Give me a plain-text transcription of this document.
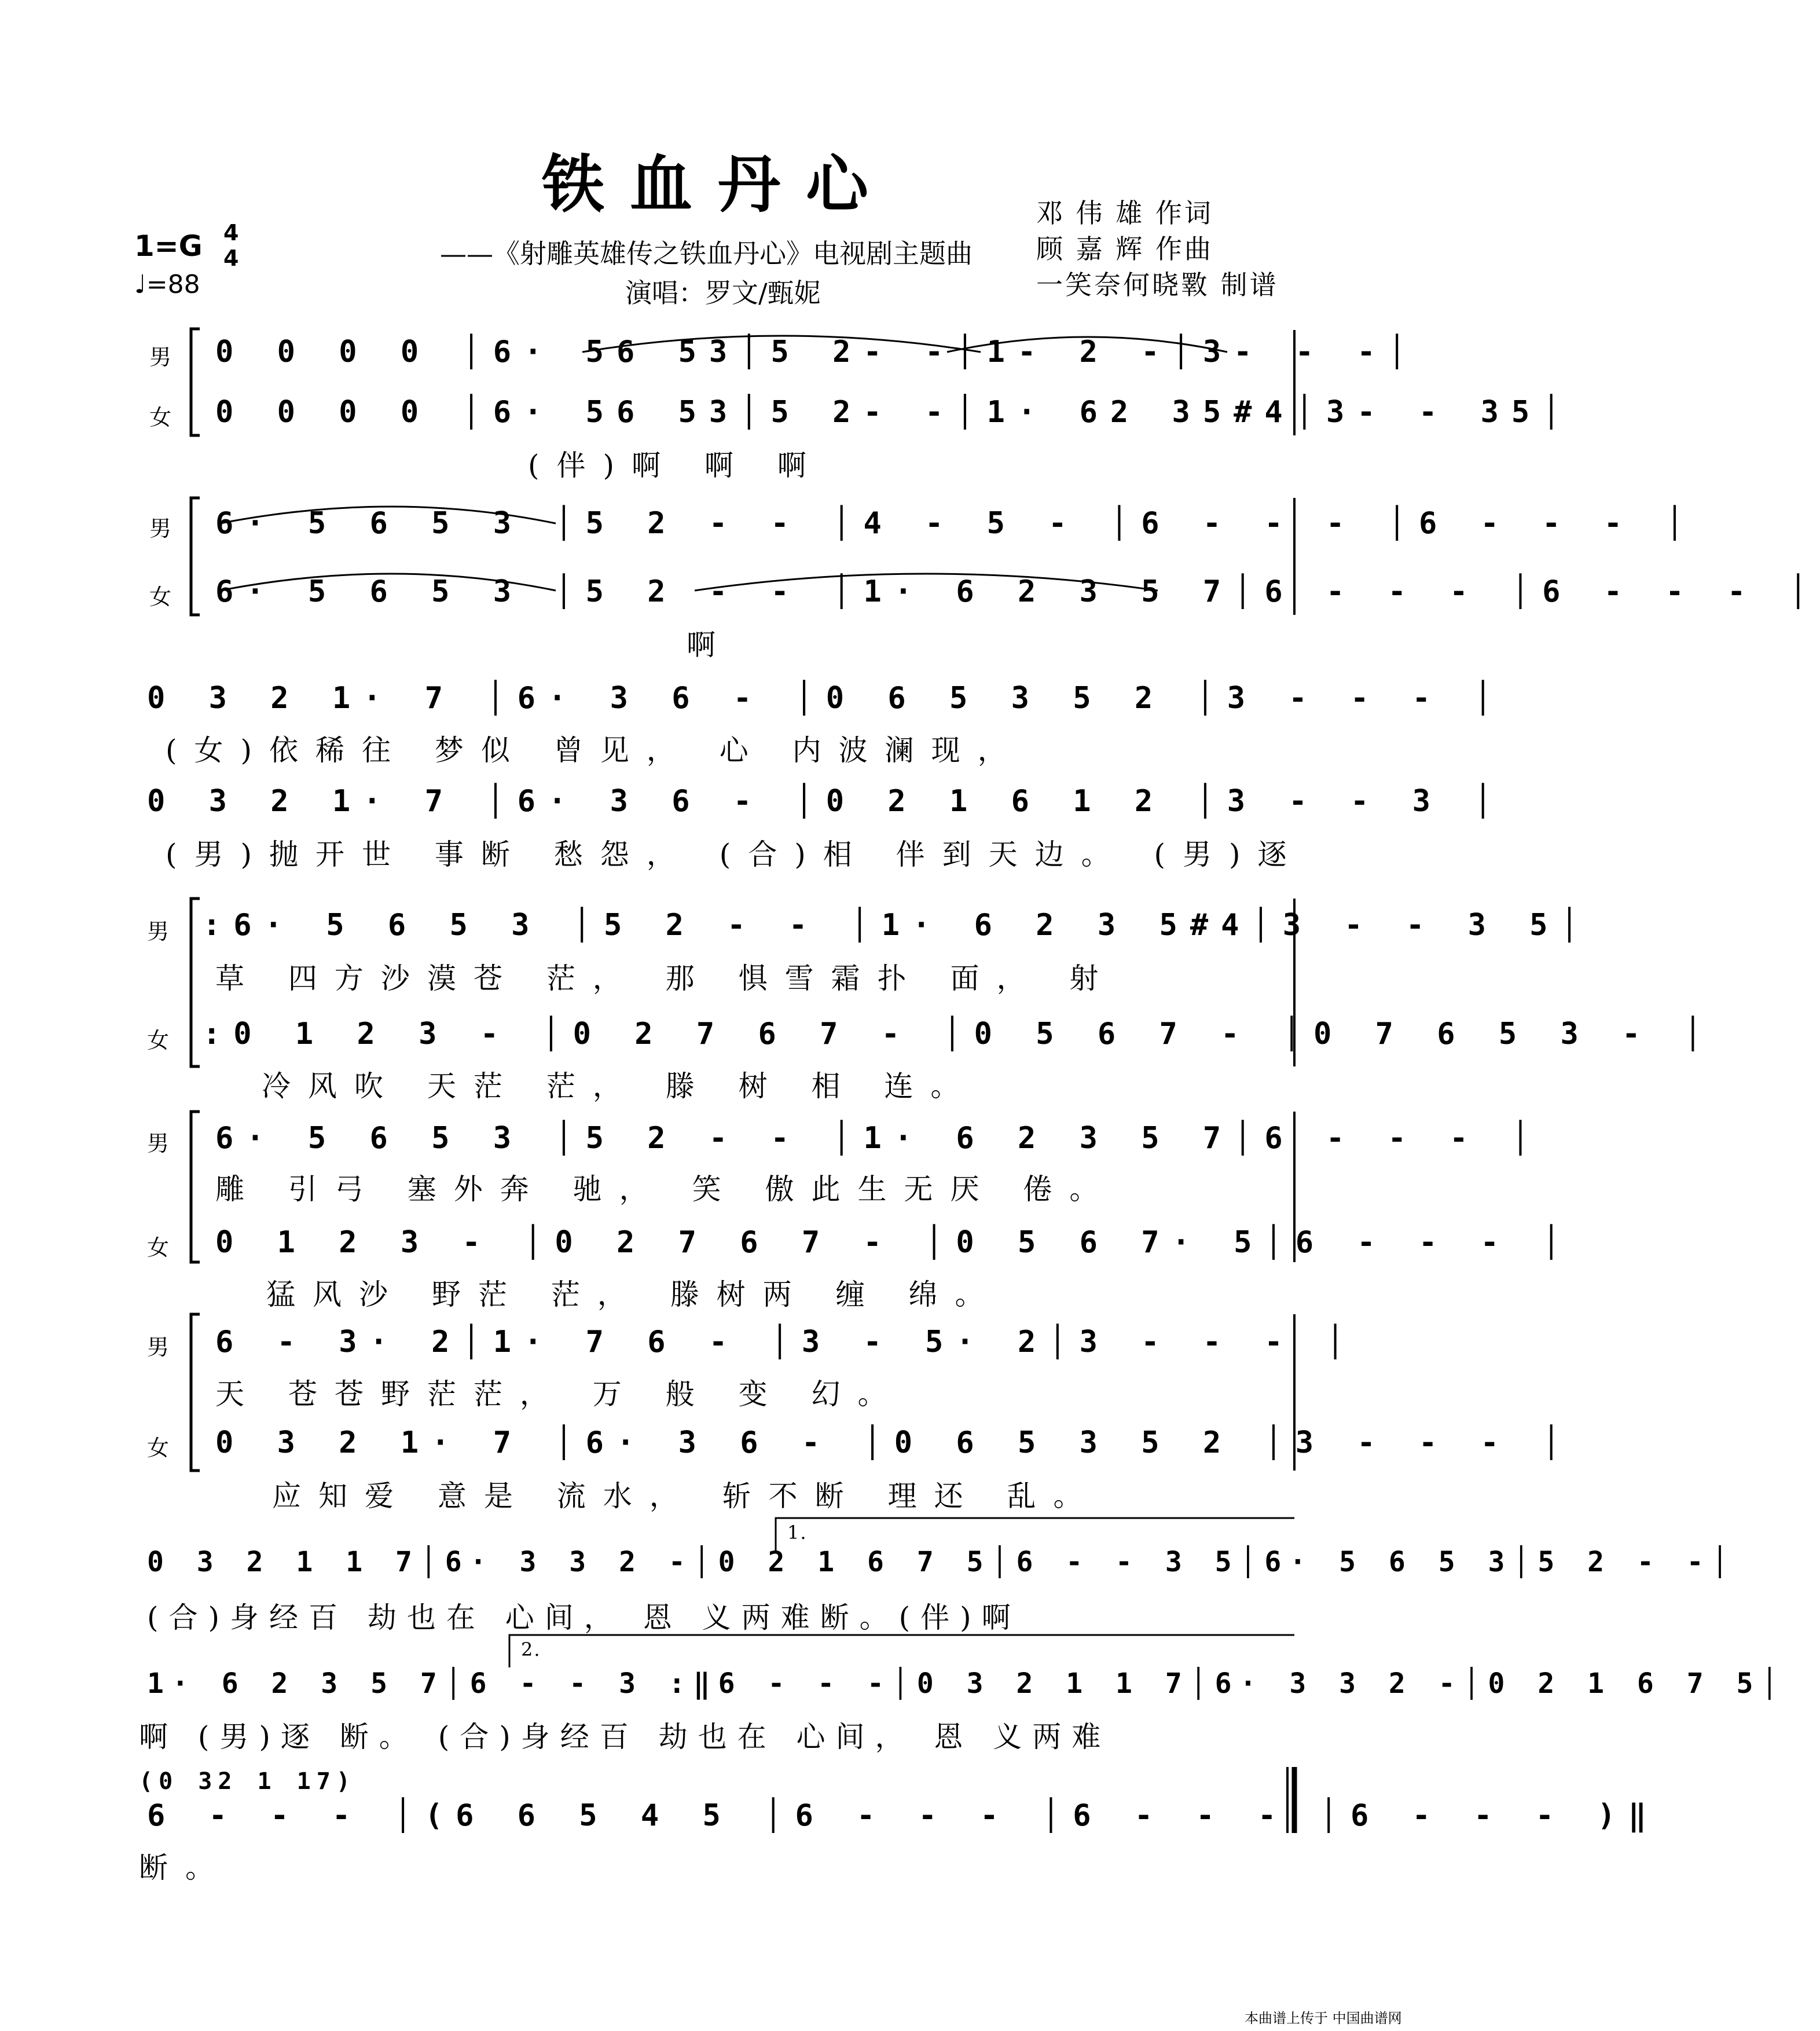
铁血丹心
——《射雕英雄传之铁血丹心》电视剧主题曲
演唱：罗文/甄妮
邓 伟 雄 作词
顾 嘉 辉 作曲
一笑奈何晓斁 制谱
1=G 4
4
♩=88
男 0 0 0 0 │6· 56 53│5 2- -│1- 2 -│3- - -│
女 0 0 0 0 │6· 56 53│5 2- -│1· 62 35#4│3- - 35│
(伴)啊 啊 啊
男 6· 5 6 5 3 │5 2 - - │4 - 5 - │6 - - - │6 - - - │
女 6· 5 6 5 3 │5 2 - - │1· 6 2 3 5 7│6 - - - │6 - - - │
啊
0 3 2 1· 7 │6· 3 6 - │0 6 5 3 5 2 │3 - - - │
(女)依稀往 梦似 曾见， 心 内波澜现，
0 3 2 1· 7 │6· 3 6 - │0 2 1 6 1 2 │3 - - 3 │
(男)抛开世 事断 愁怨， (合)相 伴到天边。 (男)逐
男 :6· 5 6 5 3 │5 2 - - │1· 6 2 3 5#4│3 - - 3 5│
草 四方沙漠苍 茫， 那 惧雪霜扑 面， 射
女 :0 1 2 3 - │0 2 7 6 7 - │0 5 6 7 - │0 7 6 5 3 - │
冷风吹 天茫 茫， 滕 树 相 连。
男 6· 5 6 5 3 │5 2 - - │1· 6 2 3 5 7│6 - - - │
雕 引弓 塞外奔 驰， 笑 傲此生无厌 倦。
女 0 1 2 3 - │0 2 7 6 7 - │0 5 6 7· 5│6 - - - │
猛风沙 野茫 茫， 滕树两 缠 绵。
男 6 - 3· 2│1· 7 6 - │3 - 5· 2│3 - - - │
天 苍苍野茫茫， 万 般 变 幻。
女 0 3 2 1· 7 │6· 3 6 - │0 6 5 3 5 2 │3 - - - │
应知爱 意是 流水， 斩不断 理还 乱。
1.
0 3 2 1 1 7│6· 3 3 2 -│0 2 1 6 7 5│6 - - 3 5│6· 5 6 5 3│5 2 - -│
(合)身经百 劫也在 心间， 恩 义两难断。(伴)啊
2.
1· 6 2 3 5 7│6 - - 3 :‖6 - - -│0 3 2 1 1 7│6· 3 3 2 -│0 2 1 6 7 5│
啊 (男)逐 断。 (合)身经百 劫也在 心间， 恩 义两难
(0 32 1 17)
6 - - - │(6 6 5 4 5 │6 - - - │6 - - - │6 - - - )‖
断。
本曲谱上传于 中国曲谱网
